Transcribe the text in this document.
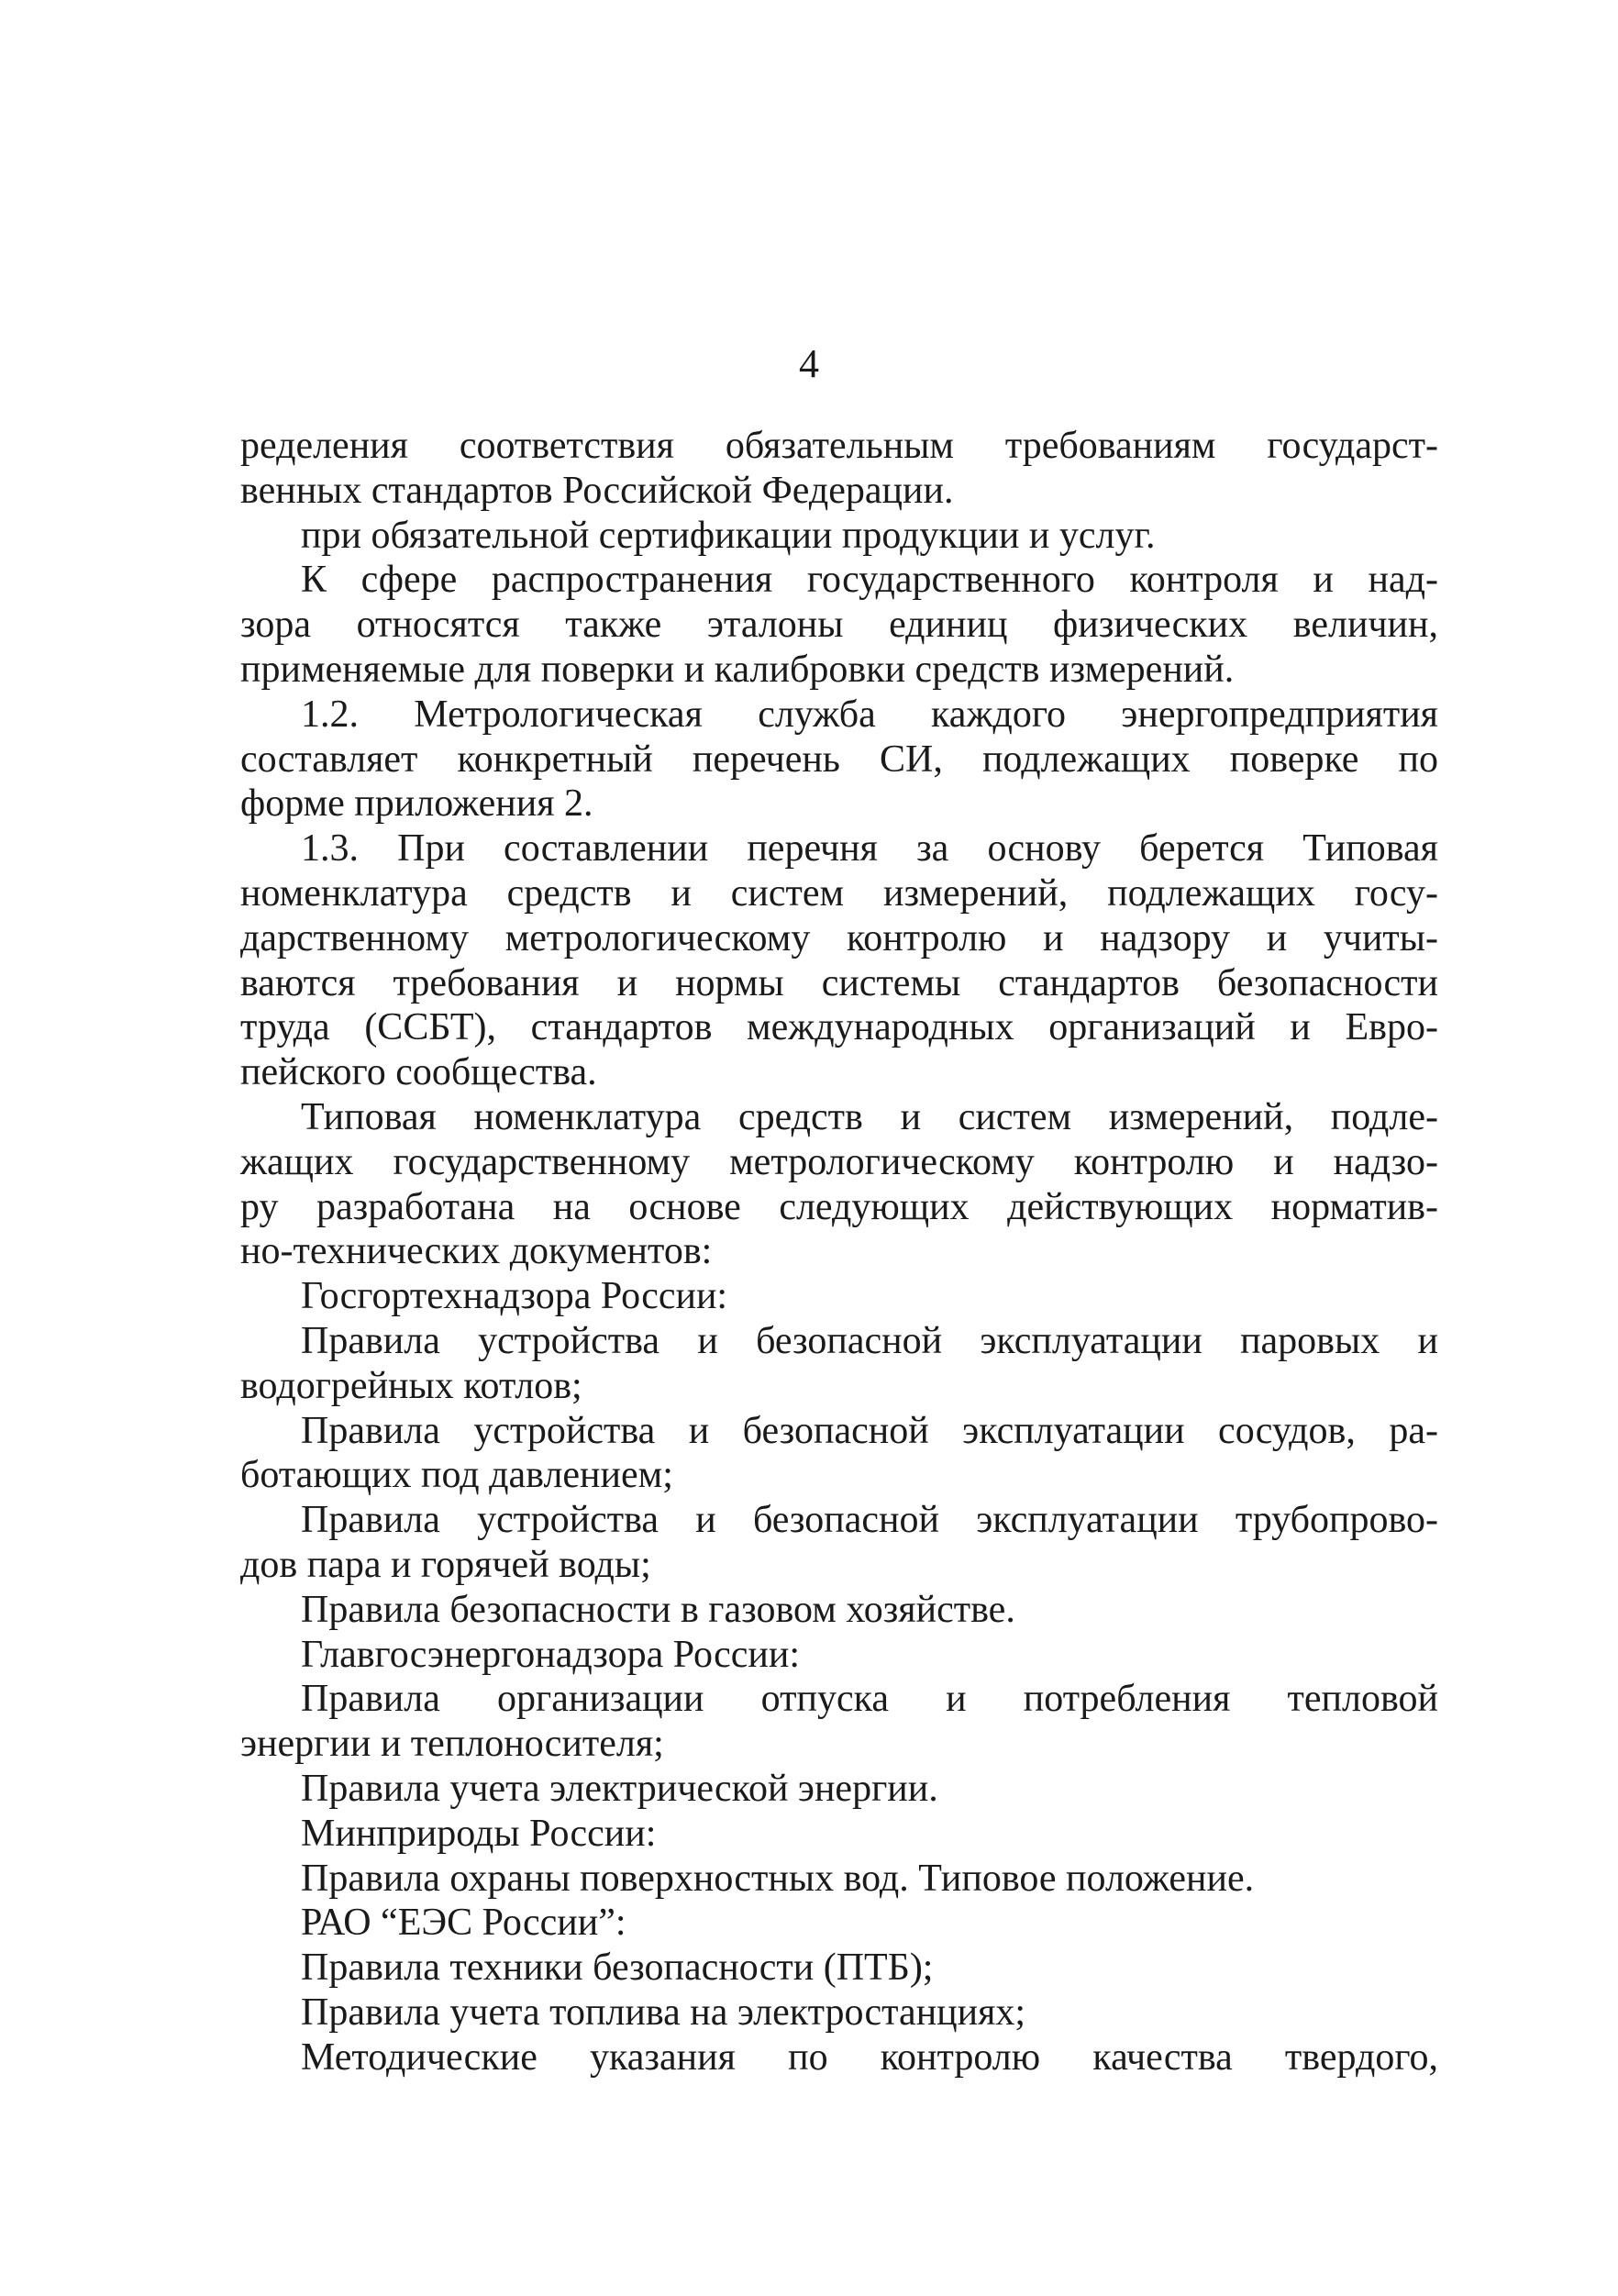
4
ределения соответствия обязательным требованиям государст-
венных стандартов Российской Федерации.
при обязательной сертификации продукции и услуг.
К сфере распространения государственного контроля и над-
зора относятся также эталоны единиц физических величин,
применяемые для поверки и калибровки средств измерений.
1.2. Метрологическая служба каждого энергопредприятия
составляет конкретный перечень СИ, подлежащих поверке по
форме приложения 2.
1.3. При составлении перечня за основу берется Типовая
номенклатура средств и систем измерений, подлежащих госу-
дарственному метрологическому контролю и надзору и учиты-
ваются требования и нормы системы стандартов безопасности
труда (ССБТ), стандартов международных организаций и Евро-
пейского сообщества.
Типовая номенклатура средств и систем измерений, подле-
жащих государственному метрологическому контролю и надзо-
ру разработана на основе следующих действующих норматив-
но-технических документов:
Госгортехнадзора России:
Правила устройства и безопасной эксплуатации паровых и
водогрейных котлов;
Правила устройства и безопасной эксплуатации сосудов, ра-
ботающих под давлением;
Правила устройства и безопасной эксплуатации трубопрово-
дов пара и горячей воды;
Правила безопасности в газовом хозяйстве.
Главгосэнергонадзора России:
Правила организации отпуска и потребления тепловой
энергии и теплоносителя;
Правила учета электрической энергии.
Минприроды России:
Правила охраны поверхностных вод. Типовое положение.
РАО “ЕЭС России”:
Правила техники безопасности (ПТБ);
Правила учета топлива на электростанциях;
Методические указания по контролю качества твердого,
